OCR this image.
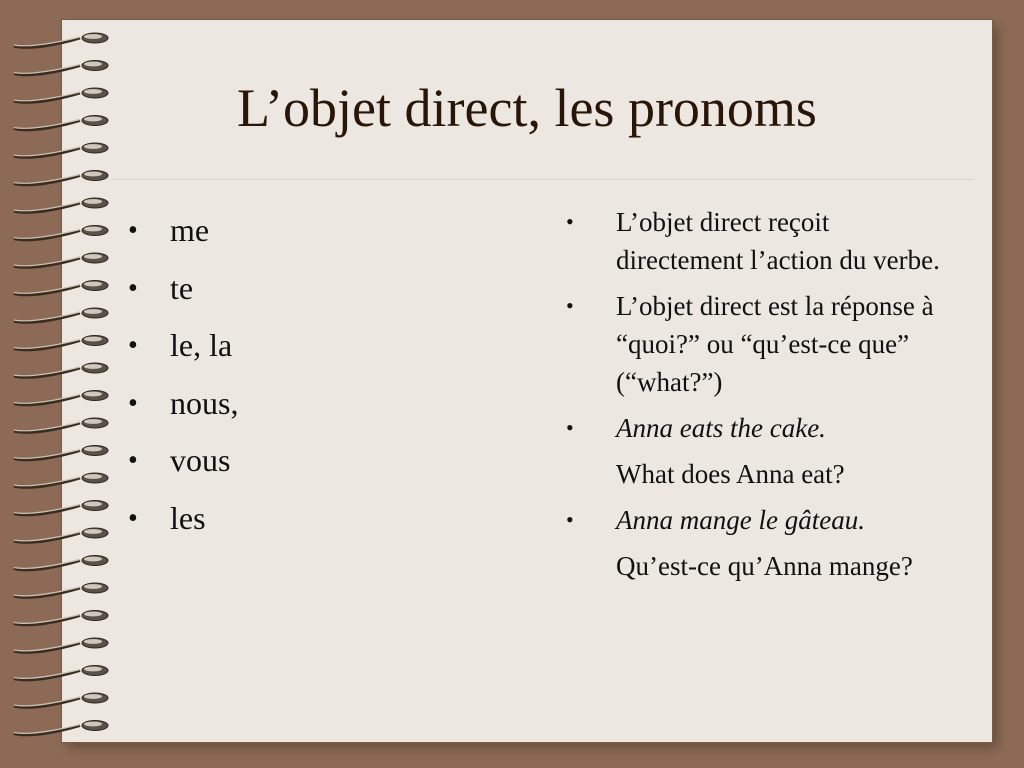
L’objet direct, les pronoms
• me
• te
• le, la
• nous,
• vous
• les
• L’objet direct reçoit directement l’action du verbe.
• L’objet direct est la réponse à “quoi?” ou “qu’est-ce que” (“what?”)
• Anna eats the cake.
What does Anna eat?
• Anna mange le gâteau.
Qu’est-ce qu’Anna mange?
